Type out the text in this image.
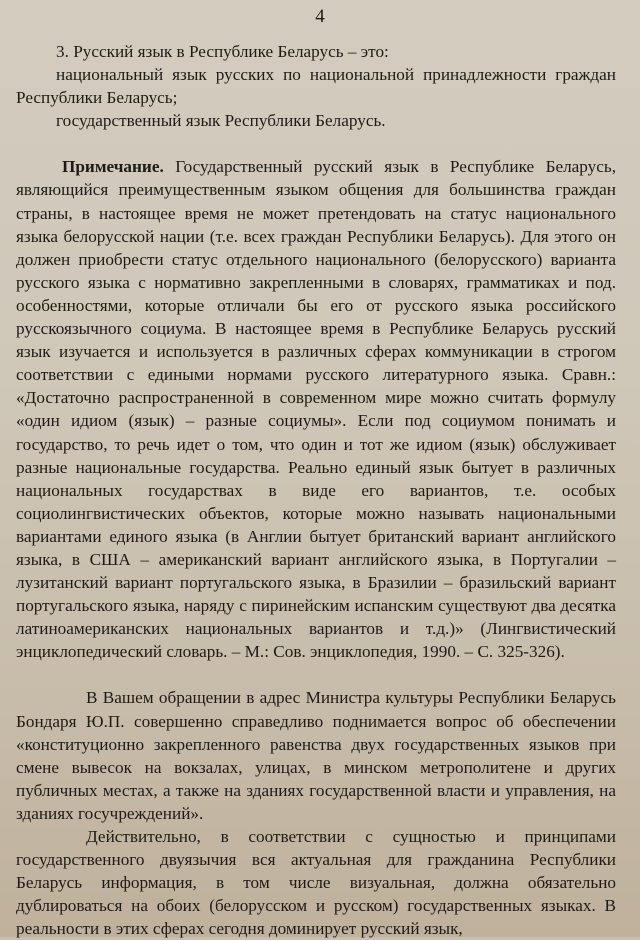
4

3. Русский язык в Республике Беларусь – это:

национальный язык русских по национальной принадлежности граждан Республики Беларусь;

государственный язык Республики Беларусь.

Примечание. Государственный русский язык в Республике Беларусь, являющийся преимущественным языком общения для большинства граждан страны, в настоящее время не может претендовать на статус национального языка белорусской нации (т.е. всех граждан Республики Беларусь). Для этого он должен приобрести статус отдельного национального (белорусского) варианта русского языка с нормативно закрепленными в словарях, грамматиках и под. особенностями, которые отличали бы его от русского языка российского русскоязычного социума. В настоящее время в Республике Беларусь русский язык изучается и используется в различных сферах коммуникации в строгом соответствии с едиными нормами русского литературного языка. Сравн.: «Достаточно распространенной в современном мире можно считать формулу «один идиом (язык) – разные социумы». Если под социумом понимать и государство, то речь идет о том, что один и тот же идиом (язык) обслуживает разные национальные государства. Реально единый язык бытует в различных национальных государствах в виде его вариантов, т.е. особых социолингвистических объектов, которые можно называть национальными вариантами единого языка (в Англии бытует британский вариант английского языка, в США – американский вариант английского языка, в Португалии – лузитанский вариант португальского языка, в Бразилии – бразильский вариант португальского языка, наряду с пиринейским испанским существуют два десятка латиноамериканских национальных вариантов и т.д.)» (Лингвистический энциклопедический словарь. – М.: Сов. энциклопедия, 1990. – С. 325-326).

В Вашем обращении в адрес Министра культуры Республики Беларусь Бондаря Ю.П. совершенно справедливо поднимается вопрос об обеспечении «конституционно закрепленного равенства двух государственных языков при смене вывесок на вокзалах, улицах, в минском метрополитене и других публичных местах, а также на зданиях государственной власти и управления, на зданиях госучреждений».

Действительно, в соответствии с сущностью и принципами государственного двуязычия вся актуальная для гражданина Республики Беларусь информация, в том числе визуальная, должна обязательно дублироваться на обоих (белорусском и русском) государственных языках. В реальности в этих сферах сегодня доминирует русский язык,
